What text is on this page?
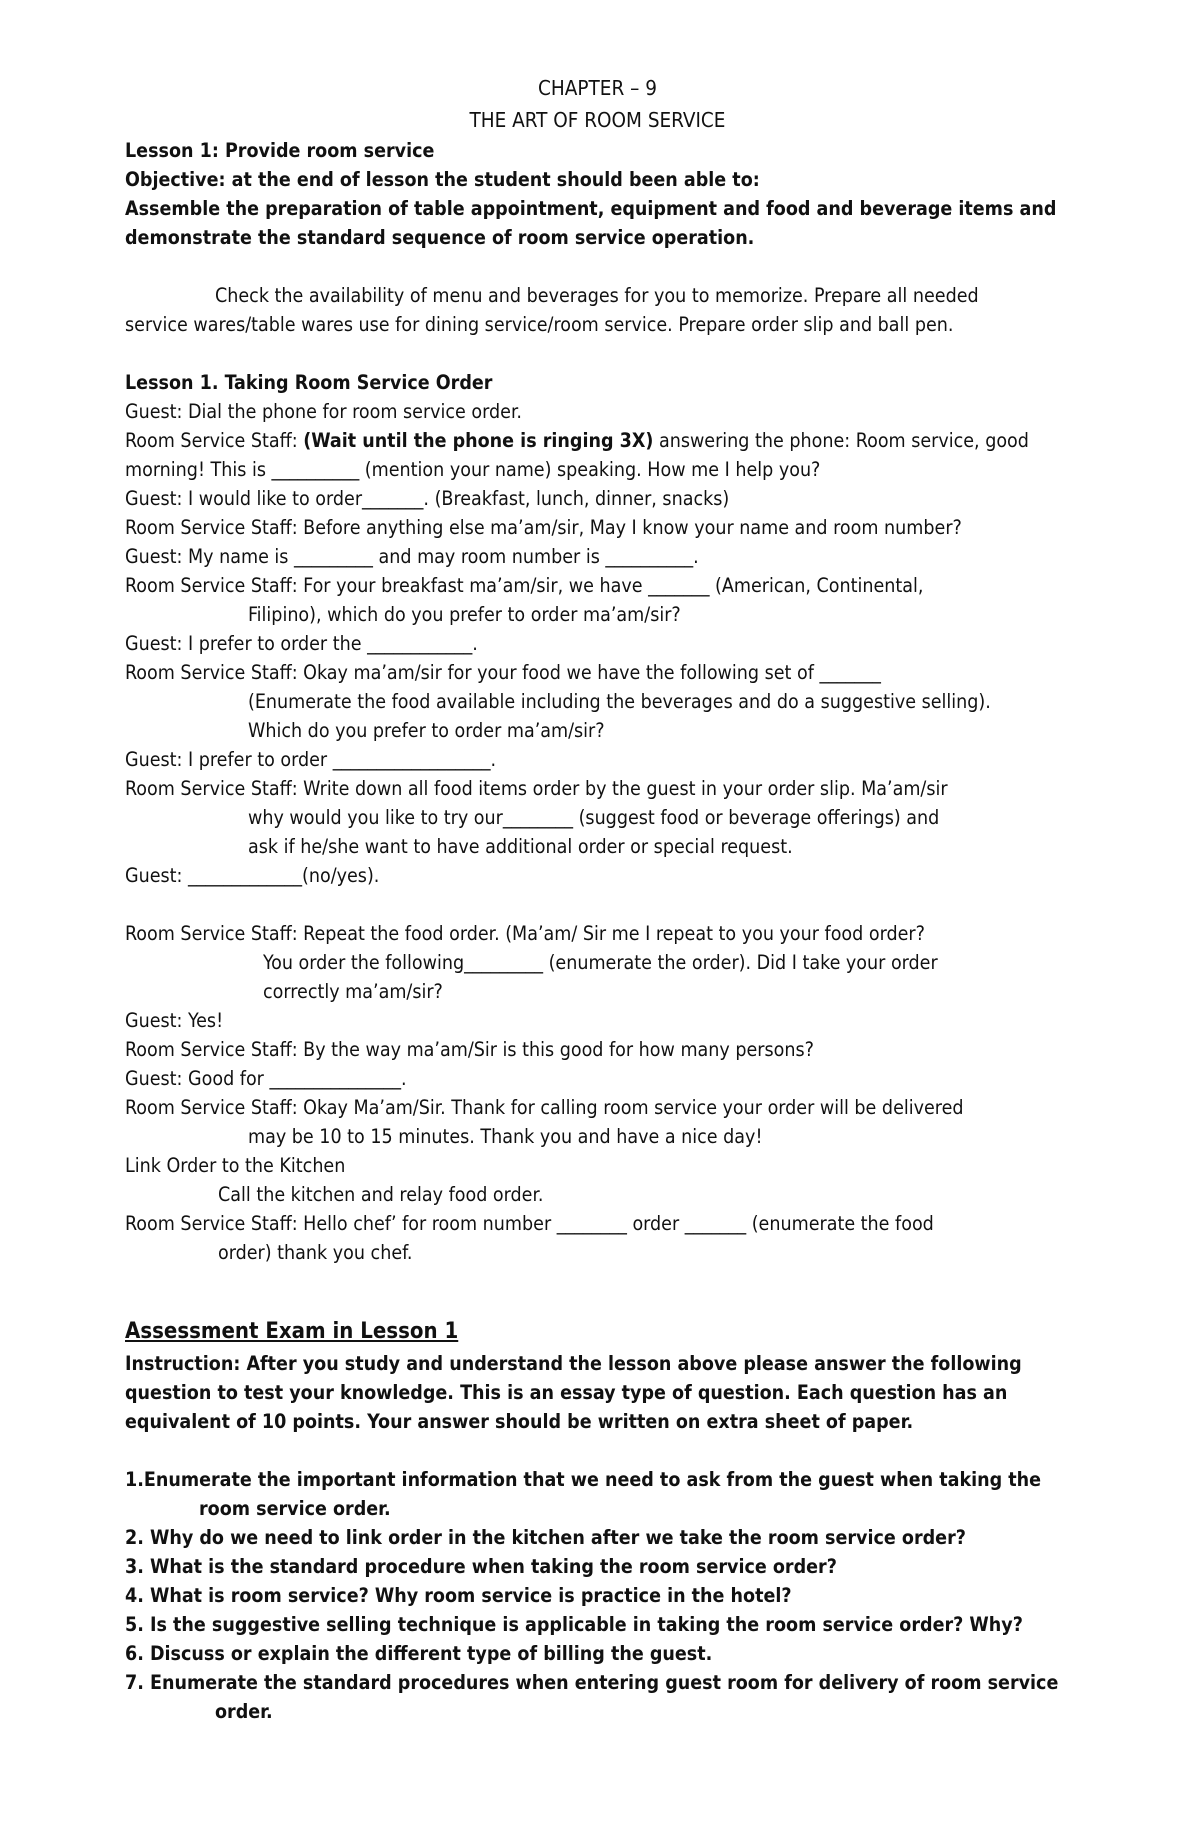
CHAPTER – 9
THE ART OF ROOM SERVICE
Lesson 1: Provide room service
Objective: at the end of lesson the student should been able to:
Assemble the preparation of table appointment, equipment and food and beverage items and
demonstrate the standard sequence of room service operation.
Check the availability of menu and beverages for you to memorize. Prepare all needed
service wares/table wares use for dining service/room service. Prepare order slip and ball pen.
Lesson 1. Taking Room Service Order
Guest: Dial the phone for room service order.
Room Service Staff: (Wait until the phone is ringing 3X) answering the phone: Room service, good
morning! This is __________ (mention your name) speaking. How me I help you?
Guest: I would like to order_______. (Breakfast, lunch, dinner, snacks)
Room Service Staff: Before anything else ma’am/sir, May I know your name and room number?
Guest: My name is _________ and may room number is __________.
Room Service Staff: For your breakfast ma’am/sir, we have _______ (American, Continental,
Filipino), which do you prefer to order ma’am/sir?
Guest: I prefer to order the ____________.
Room Service Staff: Okay ma’am/sir for your food we have the following set of _______
(Enumerate the food available including the beverages and do a suggestive selling).
Which do you prefer to order ma’am/sir?
Guest: I prefer to order __________________.
Room Service Staff: Write down all food items order by the guest in your order slip. Ma’am/sir
why would you like to try our________ (suggest food or beverage offerings) and
ask if he/she want to have additional order or special request.
Guest: _____________(no/yes).
Room Service Staff: Repeat the food order. (Ma’am/ Sir me I repeat to you your food order?
You order the following_________ (enumerate the order). Did I take your order
correctly ma’am/sir?
Guest: Yes!
Room Service Staff: By the way ma’am/Sir is this good for how many persons?
Guest: Good for _______________.
Room Service Staff: Okay Ma’am/Sir. Thank for calling room service your order will be delivered
may be 10 to 15 minutes. Thank you and have a nice day!
Link Order to the Kitchen
Call the kitchen and relay food order.
Room Service Staff: Hello chef’ for room number ________ order _______ (enumerate the food
order) thank you chef.
Assessment Exam in Lesson 1
Instruction: After you study and understand the lesson above please answer the following
question to test your knowledge. This is an essay type of question. Each question has an
equivalent of 10 points. Your answer should be written on extra sheet of paper.
1.Enumerate the important information that we need to ask from the guest when taking the
room service order.
2. Why do we need to link order in the kitchen after we take the room service order?
3. What is the standard procedure when taking the room service order?
4. What is room service? Why room service is practice in the hotel?
5. Is the suggestive selling technique is applicable in taking the room service order? Why?
6. Discuss or explain the different type of billing the guest.
7. Enumerate the standard procedures when entering guest room for delivery of room service
order.
